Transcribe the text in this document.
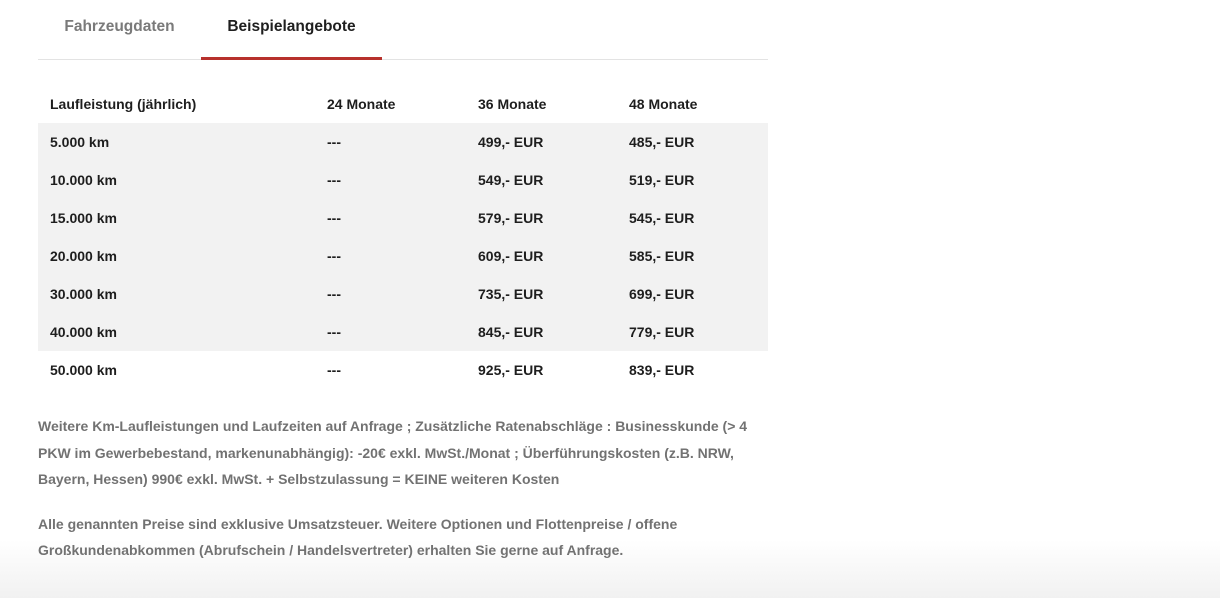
Fahrzeugdaten	Beispielangebote
Laufleistung (jährlich)	24 Monate	36 Monate	48 Monate
5.000 km	---	499,- EUR	485,- EUR
10.000 km	---	549,- EUR	519,- EUR
15.000 km	---	579,- EUR	545,- EUR
20.000 km	---	609,- EUR	585,- EUR
30.000 km	---	735,- EUR	699,- EUR
40.000 km	---	845,- EUR	779,- EUR
50.000 km	---	925,- EUR	839,- EUR

Weitere Km-Laufleistungen und Laufzeiten auf Anfrage ; Zusätzliche Ratenabschläge : Businesskunde (> 4 PKW im Gewerbebestand, markenunabhängig): -20€ exkl. MwSt./Monat ; Überführungskosten (z.B. NRW, Bayern, Hessen) 990€ exkl. MwSt. + Selbstzulassung = KEINE weiteren Kosten

Alle genannten Preise sind exklusive Umsatzsteuer. Weitere Optionen und Flottenpreise / offene Großkundenabkommen (Abrufschein / Handelsvertreter) erhalten Sie gerne auf Anfrage.
